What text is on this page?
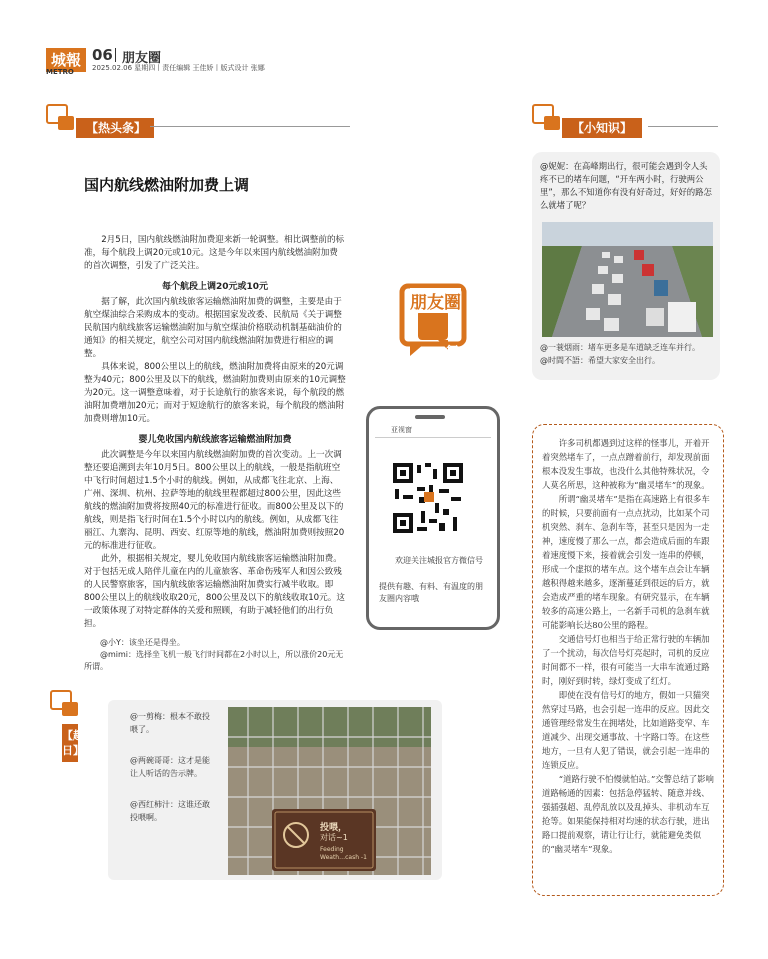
城報
METRO
06 朋友圈
2025.02.06 星期四丨责任编辑 王佳娇丨版式设计 张娜
【热头条】
国内航线燃油附加费上调

2月5日，国内航线燃油附加费迎来新一轮调整。相比调整前的标准，每个航段上调20元或10元。这是今年以来国内航线燃油附加费的首次调整，引发了广泛关注。

每个航段上调20元或10元

据了解，此次国内航线旅客运输燃油附加费的调整，主要是由于航空煤油综合采购成本的变动。根据国家发改委、民航局《关于调整民航国内航线旅客运输燃油附加与航空煤油价格联动机制基础油价的通知》的相关规定，航空公司对国内航线燃油附加费进行相应的调整。

具体来说，800公里以上的航线，燃油附加费将由原来的20元调整为40元；800公里及以下的航线，燃油附加费则由原来的10元调整为20元。这一调整意味着，对于长途航行的旅客来说，每个航段的燃油附加费增加20元；而对于短途航行的旅客来说，每个航段的燃油附加费则增加10元。

婴儿免收国内航线旅客运输燃油附加费

此次调整是今年以来国内航线燃油附加费的首次变动。上一次调整还要追溯到去年10月5日。800公里以上的航线，一般是指航班空中飞行时间超过1.5个小时的航线。例如，从成都飞往北京、上海、广州、深圳、杭州、拉萨等地的航线里程都超过800公里，因此这些航线的燃油附加费将按照40元的标准进行征收。而800公里及以下的航线，则是指飞行时间在1.5个小时以内的航线。例如，从成都飞往丽江、九寨沟、昆明、西安、红原等地的航线，燃油附加费则按照20元的标准进行征收。

此外，根据相关规定，婴儿免收国内航线旅客运输燃油附加费。对于包括无成人陪伴儿童在内的儿童旅客、革命伤残军人和因公致残的人民警察旅客，国内航线旅客运输燃油附加费实行减半收取。即800公里以上的航线收取20元，800公里及以下的航线收取10元。这一政策体现了对特定群体的关爱和照顾，有助于减轻他们的出行负担。

@小Y：该坐还是得坐。

@mimi：选择坐飞机一般飞行时间都在2小时以上，所以涨价20元无所谓。

朋友圈
征集
亚视窗
欢迎关注城报官方微信号
提供有趣、有料、有温度的朋友圈内容哦
【小知识】
@妮妮：在高峰期出行，很可能会遇到令人头疼不已的堵车问题，“开车两小时，行驶两公里”，那么不知道你有没有好奇过，好好的路怎么就堵了呢？
@一蓑烟雨：堵车更多是车道缺乏连车并行。
@时間不語：希望大家安全出行。

许多司机都遇到过这样的怪事儿，开着开着突然堵车了，一点点蹭着前行，却发现前面根本没发生事故，也没什么其他特殊状况，令人莫名所思，这种被称为“幽灵堵车”的现象。

所谓“幽灵堵车”是指在高速路上有很多车的时候，只要前面有一点点扰动，比如某个司机突然、刹车、急刹车等，甚至只是因为一走神，速度慢了那么一点，都会造成后面的车跟着速度慢下来，接着就会引发一连串的停顿，形成一个虚拟的堵车点。这个堵车点会让车辆越积得越来越多，逐渐蔓延到很远的后方，就会造成严重的堵车现象。有研究显示，在车辆较多的高速公路上，一名新手司机的急刹车就可能影响长达80公里的路程。

交通信号灯也相当于给正常行驶的车辆加了一个扰动，每次信号灯亮起时，司机的反应时间都不一样，很有可能当一大串车流通过路时，刚好到时转，绿灯变成了红灯。

即使在没有信号灯的地方，假如一只猫突然穿过马路，也会引起一连串的反应。因此交通管理经常发生在拥堵处，比如道路变窄、车道减少、出现交通事故、十字路口等。在这些地方，一旦有人犯了错误，就会引起一连串的连锁反应。

“道路行驶不怕慢就怕站。”交警总结了影响道路畅通的因素：包括急停猛转、随意并线、强插强超、乱停乱放以及乱掉头、非机动车互抢等。如果能保持相对均速的状态行驶，进出路口提前观察，请让行让行，就能避免类似的“幽灵堵车”现象。

【趣日】

@一剪梅：根本不敢投喂了。

@两碗哥哥：这才是能让人听话的告示牌。

@西红柿汁：这谁还敢投喂啊。

投喂，
对话~1
Feeding
Weath…cash -1
